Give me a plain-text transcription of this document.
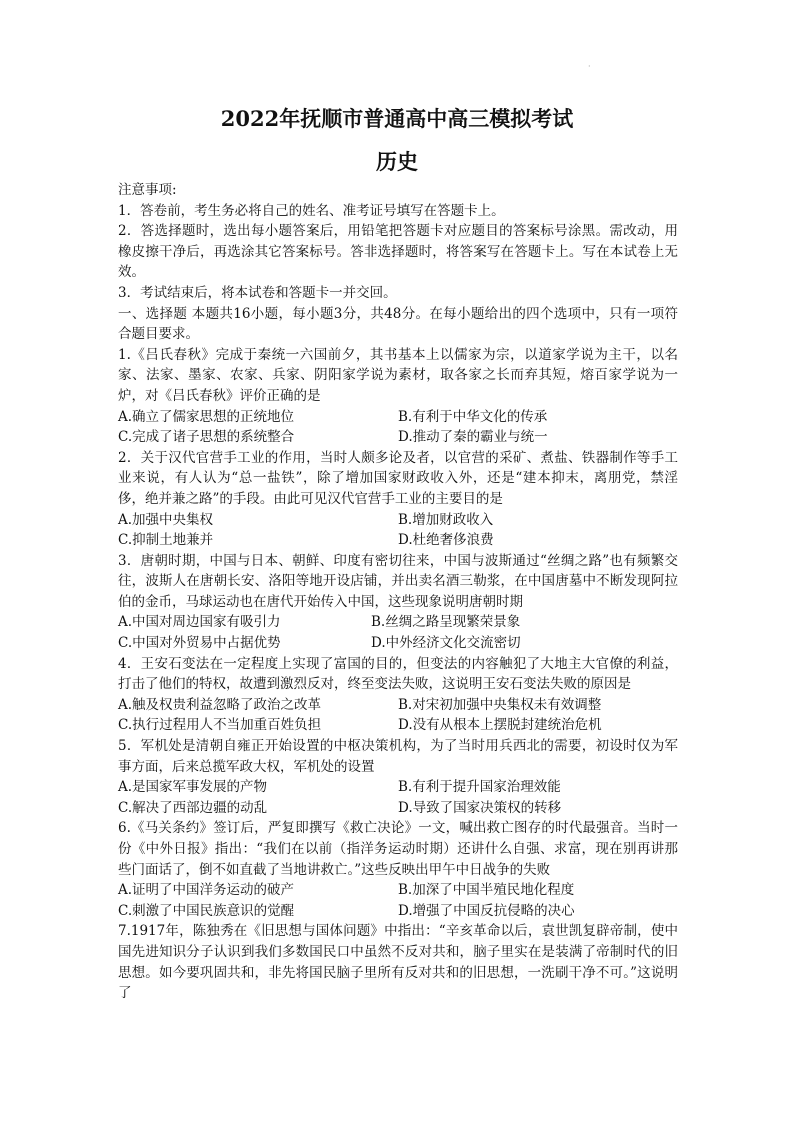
·
2022年抚顺市普通高中高三模拟考试
历史

注意事项:

1．答卷前，考生务必将自己的姓名、准考证号填写在答题卡上。

2．答选择题时，选出每小题答案后，用铅笔把答题卡对应题目的答案标号涂黑。需改动，用橡皮擦干净后，再选涂其它答案标号。答非选择题时，将答案写在答题卡上。写在本试卷上无效。

3．考试结束后，将本试卷和答题卡一并交回。

一、选择题 本题共16小题，每小题3分，共48分。在每小题给出的四个选项中，只有一项符合题目要求。

1.《吕氏春秋》完成于秦统一六国前夕，其书基本上以儒家为宗，以道家学说为主干，以名家、法家、墨家、农家、兵家、阴阳家学说为素材，取各家之长而弃其短，熔百家学说为一炉，对《吕氏春秋》评价正确的是

A.确立了儒家思想的正统地位	B.有利于中华文化的传承
C.完成了诸子思想的系统整合	D.推动了秦的霸业与统一

2．关于汉代官营手工业的作用，当时人颇多论及者，以官营的采矿、煮盐、铁器制作等手工业来说，有人认为“总一盐铁”，除了增加国家财政收入外，还是“建本抑末，离朋党，禁淫侈，绝并兼之路”的手段。由此可见汉代官营手工业的主要目的是

A.加强中央集权	B.增加财政收入
C.抑制土地兼并	D.杜绝奢侈浪费

3．唐朝时期，中国与日本、朝鲜、印度有密切往来，中国与波斯通过“丝绸之路”也有频繁交往，波斯人在唐朝长安、洛阳等地开设店铺，并出卖名酒三勒浆，在中国唐墓中不断发现阿拉伯的金币，马球运动也在唐代开始传入中国，这些现象说明唐朝时期

A.中国对周边国家有吸引力	B.丝绸之路呈现繁荣景象
C.中国对外贸易中占据优势	D.中外经济文化交流密切

4．王安石变法在一定程度上实现了富国的目的，但变法的内容触犯了大地主大官僚的利益，打击了他们的特权，故遭到激烈反对，终至变法失败，这说明王安石变法失败的原因是

A.触及权贵利益忽略了政治之改革	B.对宋初加强中央集权未有效调整
C.执行过程用人不当加重百姓负担	D.没有从根本上摆脱封建统治危机

5．军机处是清朝自雍正开始设置的中枢决策机构，为了当时用兵西北的需要，初设时仅为军事方面，后来总揽军政大权，军机处的设置

A.是国家军事发展的产物	B.有利于提升国家治理效能
C.解决了西部边疆的动乱	D.导致了国家决策权的转移

6.《马关条约》签订后，严复即撰写《救亡决论》一文，喊出救亡图存的时代最强音。当时一份《中外日报》指出：“我们在以前（指洋务运动时期）还讲什么自强、求富，现在别再讲那些门面话了，倒不如直截了当地讲救亡。”这些反映出甲午中日战争的失败

A.证明了中国洋务运动的破产	B.加深了中国半殖民地化程度
C.刺激了中国民族意识的觉醒	D.增强了中国反抗侵略的决心

7.1917年，陈独秀在《旧思想与国体问题》中指出：“辛亥革命以后，袁世凯复辟帝制，使中国先进知识分子认识到我们多数国民口中虽然不反对共和，脑子里实在是装满了帝制时代的旧思想。如今要巩固共和，非先将国民脑子里所有反对共和的旧思想，一洗刷干净不可。”这说明了
